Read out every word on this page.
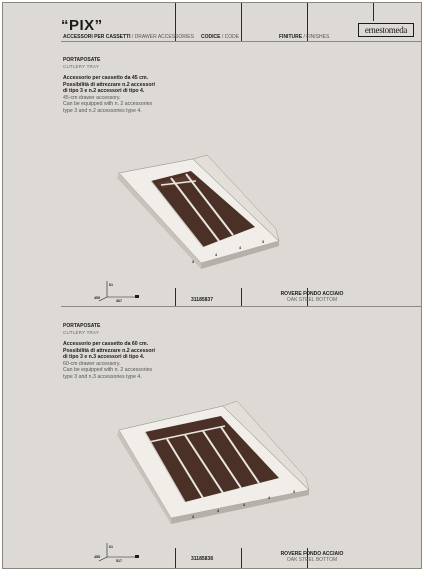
“PIX”
ACCESSORI PER CASSETTI / DRAWER ACCESSORIES CODICE / CODE	FINITURE / FINISHES
ernestomeda
PORTAPOSATE
CUTLERY TRAY
Accessorio per cassetto da 45 cm.
Possibilità di attrezzare n.2 accessori
di tipo 3 e n.2 accessori di tipo 4.
45-cm drawer accessory.
Can be equipped with n. 2 accessories
type 3 and n.2 accessories type 4.
3
4
4
3
61
455
367	31185837
ROVERE FONDO ACCIAIO
OAK STEEL BOTTOM
PORTAPOSATE
CUTLERY TRAY
Accessorio per cassetto da 60 cm.
Possibilità di attrezzare n.2 accessori
di tipo 3 e n.3 accessori di tipo 4.
60-cm drawer accessory.
Can be equipped with n. 2 accessories
type 3 and n.3 accessories type 4.
3
4
4
4
3
61
455
517	31185838
ROVERE FONDO ACCIAIO
OAK STEEL BOTTOM
